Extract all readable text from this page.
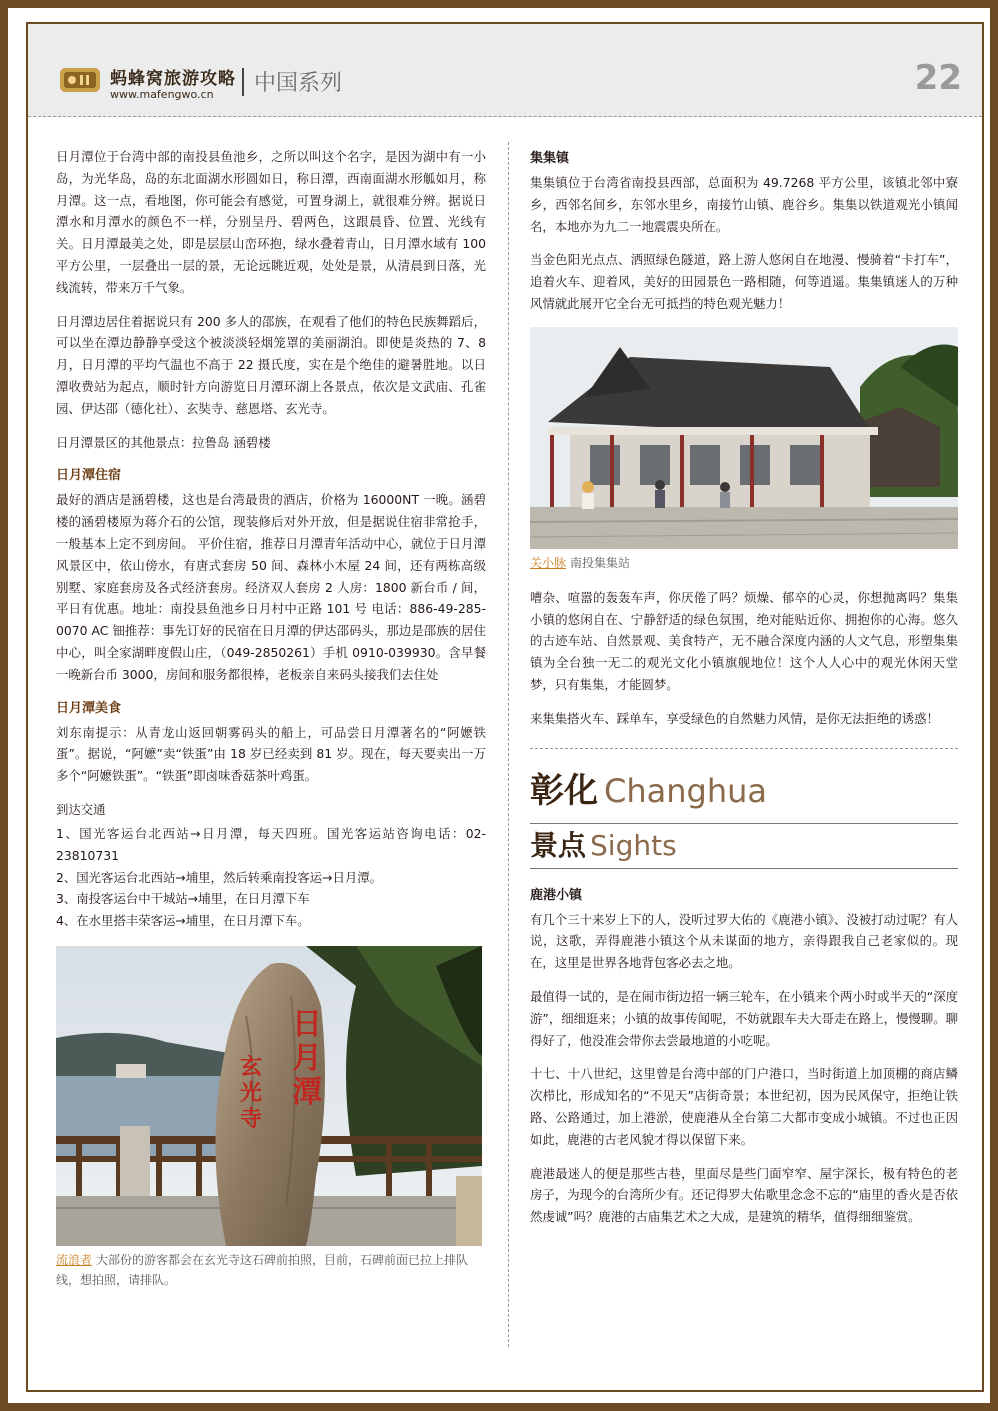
蚂蜂窝旅游攻略
www.mafengwo.cn 中国系列	22

日月潭位于台湾中部的南投县鱼池乡，之所以叫这个名字，是因为湖中有一小岛，为光华岛，岛的东北面湖水形圆如日，称日潭，西南面湖水形觚如月，称月潭。这一点，看地图，你可能会有感觉，可置身湖上，就很难分辨。据说日潭水和月潭水的颜色不一样，分别呈丹、碧两色，这跟晨昏、位置、光线有关。日月潭最美之处，即是层层山峦环抱，绿水叠着青山，日月潭水域有 100 平方公里，一层叠出一层的景，无论远眺近观，处处是景，从清晨到日落，光线流转，带来万千气象。

日月潭边居住着据说只有 200 多人的邵族，在观看了他们的特色民族舞蹈后，可以坐在潭边静静享受这个被淡淡轻烟笼罩的美丽湖泊。即使是炎热的 7、8 月，日月潭的平均气温也不高于 22 摄氏度，实在是个绝佳的避暑胜地。以日潭收费站为起点，顺时针方向游览日月潭环湖上各景点，依次是文武庙、孔雀园、伊达邵（德化社）、玄奘寺、慈恩塔、玄光寺。

日月潭景区的其他景点：拉鲁岛 涵碧楼

日月潭住宿

最好的酒店是涵碧楼，这也是台湾最贵的酒店，价格为 16000NT 一晚。涵碧楼的涵碧楼原为蒋介石的公馆，现装修后对外开放，但是据说住宿非常抢手，一般基本上定不到房间。 平价住宿，推荐日月潭青年活动中心，就位于日月潭风景区中，依山傍水，有唐式套房 50 间、森林小木屋 24 间，还有两栋高级别墅、家庭套房及各式经济套房。经济双人套房 2 人房：1800 新台币 / 间，平日有优惠。地址：南投县鱼池乡日月村中正路 101 号 电话：886-49-285-0070 AC 钿推荐：事先订好的民宿在日月潭的伊达邵码头，那边是邵族的居住中心，叫全家湖畔度假山庄，（049-2850261）手机 0910-039930。含早餐一晚新台币 3000，房间和服务都很棒，老板亲自来码头接我们去住处

日月潭美食

刘东南提示：从青龙山返回朝雾码头的船上，可品尝日月潭著名的“阿嬷铁蛋”。据说，“阿嬷”卖“铁蛋”由 18 岁已经卖到 81 岁。现在，每天要卖出一万多个“阿嬷铁蛋”。“铁蛋”即卤味香菇茶叶鸡蛋。

到达交通

1、国光客运台北西站→日月潭，每天四班。国光客运站咨询电话：02-23810731

2、国光客运台北西站→埔里，然后转乘南投客运→日月潭。

3、南投客运台中干城站→埔里，在日月潭下车

4、在水里搭丰荣客运→埔里，在日月潭下车。

日月潭
玄光寺
流浪者 大部份的游客都会在玄光寺这石碑前拍照，目前，石碑前面已拉上排队线，想拍照，请排队。
集集镇

集集镇位于台湾省南投县西部，总面积为 49.7268 平方公里，该镇北邻中寮乡，西邻名间乡，东邻水里乡，南接竹山镇、鹿谷乡。集集以铁道观光小镇闻名，本地亦为九二一地震震央所在。

当金色阳光点点、洒照绿色隧道，路上游人悠闲自在地漫、慢骑着“卡打车”，追着火车、迎着风，美好的田园景色一路相随，何等逍遥。集集镇迷人的万种风情就此展开它全台无可抵挡的特色观光魅力！

关小脉 南投集集站

嘈杂、喧嚣的轰轰车声，你厌倦了吗？烦燥、郁卒的心灵，你想抛离吗？集集小镇的悠闲自在、宁静舒适的绿色氛围，绝对能贴近你、拥抱你的心海。悠久的古迹车站、自然景观、美食特产，无不融合深度内涵的人文气息，形塑集集镇为全台独一无二的观光文化小镇旗舰地位！这个人人心中的观光休闲天堂梦，只有集集，才能圆梦。

来集集搭火车、踩单车，享受绿色的自然魅力风情，是你无法拒绝的诱惑！

彰化 Changhua
景点 Sights
鹿港小镇

有几个三十来岁上下的人，没听过罗大佑的《鹿港小镇》、没被打动过呢？有人说，这歌，弄得鹿港小镇这个从未谋面的地方，亲得跟我自己老家似的。现在，这里是世界各地背包客必去之地。

最值得一试的，是在闹市街边招一辆三轮车，在小镇来个两小时或半天的“深度游”，细细逛来；小镇的故事传闻呢，不妨就跟车夫大哥走在路上，慢慢聊。聊得好了，他没准会带你去尝最地道的小吃呢。

十七、十八世纪，这里曾是台湾中部的门户港口，当时街道上加顶棚的商店鳞次栉比，形成知名的“不见天”店街奇景；本世纪初，因为民风保守，拒绝让铁路、公路通过，加上港淤，使鹿港从全台第二大都市变成小城镇。不过也正因如此，鹿港的古老风貌才得以保留下来。

鹿港最迷人的便是那些古巷，里面尽是些门面窄窄、屋宇深长，极有特色的老房子，为现今的台湾所少有。还记得罗大佑歌里念念不忘的“庙里的香火是否依然虔诚”吗？鹿港的古庙集艺术之大成，是建筑的精华，值得细细鉴赏。
